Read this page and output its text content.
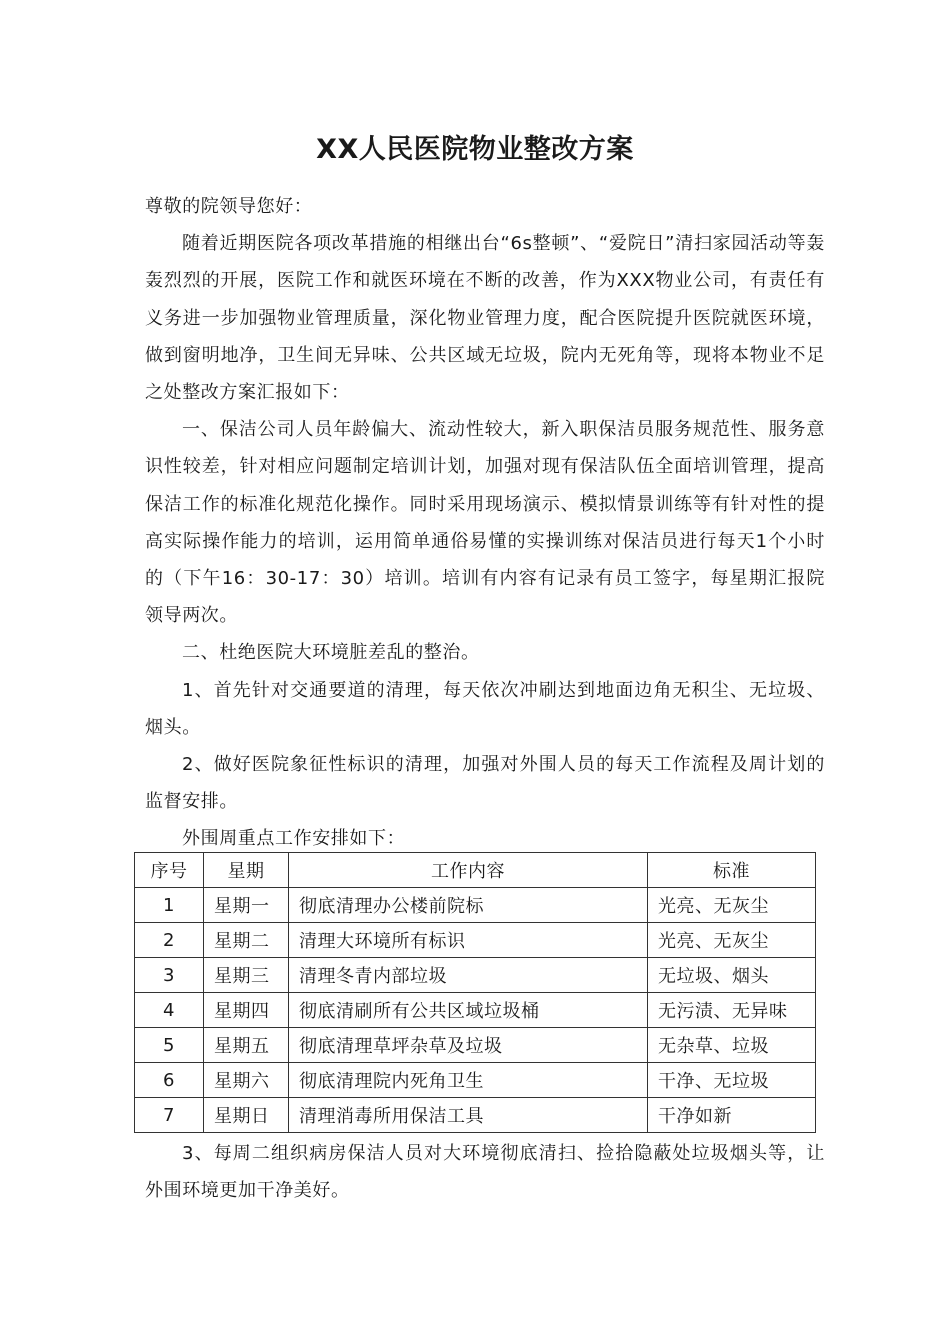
XX人民医院物业整改方案

尊敬的院领导您好：

随着近期医院各项改革措施的相继出台“6s整顿”、“爱院日”清扫家园活动等轰轰烈烈的开展，医院工作和就医环境在不断的改善，作为XXX物业公司，有责任有义务进一步加强物业管理质量，深化物业管理力度，配合医院提升医院就医环境，做到窗明地净，卫生间无异味、公共区域无垃圾，院内无死角等，现将本物业不足之处整改方案汇报如下：

一、保洁公司人员年龄偏大、流动性较大，新入职保洁员服务规范性、服务意识性较差，针对相应问题制定培训计划，加强对现有保洁队伍全面培训管理，提高保洁工作的标准化规范化操作。同时采用现场演示、模拟情景训练等有针对性的提高实际操作能力的培训，运用简单通俗易懂的实操训练对保洁员进行每天1个小时的（下午16：30-17：30）培训。培训有内容有记录有员工签字，每星期汇报院领导两次。

二、杜绝医院大环境脏差乱的整治。

1、首先针对交通要道的清理，每天依次冲刷达到地面边角无积尘、无垃圾、烟头。

2、做好医院象征性标识的清理，加强对外围人员的每天工作流程及周计划的监督安排。

外围周重点工作安排如下：

序号	星期	工作内容	标准
1	星期一	彻底清理办公楼前院标	光亮、无灰尘
2	星期二	清理大环境所有标识	光亮、无灰尘
3	星期三	清理冬青内部垃圾	无垃圾、烟头
4	星期四	彻底清刷所有公共区域垃圾桶	无污渍、无异味
5	星期五	彻底清理草坪杂草及垃圾	无杂草、垃圾
6	星期六	彻底清理院内死角卫生	干净、无垃圾
7	星期日	清理消毒所用保洁工具	干净如新

3、每周二组织病房保洁人员对大环境彻底清扫、捡拾隐蔽处垃圾烟头等，让外围环境更加干净美好。
